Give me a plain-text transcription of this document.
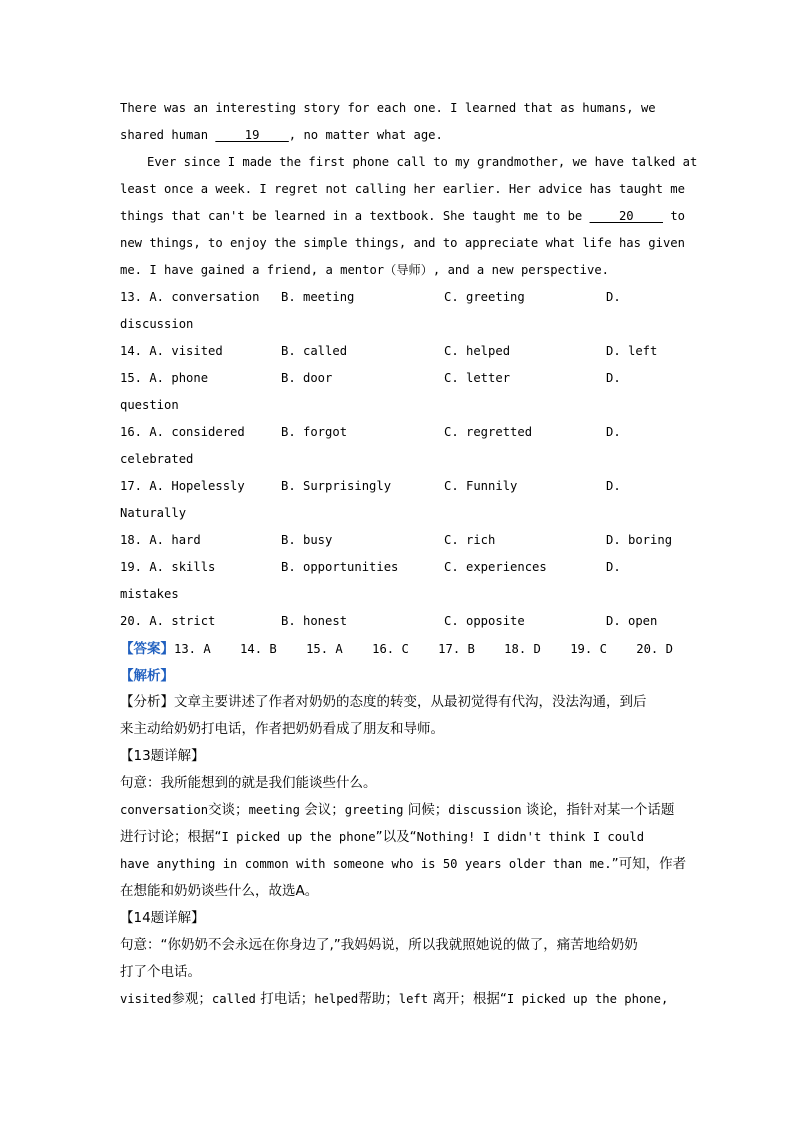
There was an interesting story for each one. I learned that as humans, we
shared human ____19____, no matter what age.
Ever since I made the first phone call to my grandmother, we have talked at
least once a week. I regret not calling her earlier. Her advice has taught me
things that can't be learned in a textbook. She taught me to be ____20____ to
new things, to enjoy the simple things, and to appreciate what life has given
me. I have gained a friend, a mentor（导师）, and a new perspective.
13. A. conversation B. meeting	C. greeting	D.
discussion
14. A. visited	B. called	C. helped	D. left
15. A. phone	B. door	C. letter	D.
question
16. A. considered	B. forgot	C. regretted	D.
celebrated
17. A. Hopelessly	B. Surprisingly	C. Funnily	D.
Naturally
18. A. hard	B. busy	C. rich	D. boring
19. A. skills	B. opportunities	C. experiences	D.
mistakes
20. A. strict	B. honest	C. opposite	D. open
【答案】13. A    14. B    15. A    16. C    17. B    18. D    19. C    20. D
【解析】
【分析】文章主要讲述了作者对奶奶的态度的转变，从最初觉得有代沟，没法沟通，到后
来主动给奶奶打电话，作者把奶奶看成了朋友和导师。
【13题详解】
句意：我所能想到的就是我们能谈些什么。
conversation交谈；meeting 会议；greeting 问候；discussion 谈论，指针对某一个话题
进行讨论；根据“I picked up the phone”以及“Nothing! I didn't think I could
have anything in common with someone who is 50 years older than me.”可知，作者
在想能和奶奶谈些什么，故选A。
【14题详解】
句意：“你奶奶不会永远在你身边了,”我妈妈说，所以我就照她说的做了，痛苦地给奶奶
打了个电话。
visited参观；called 打电话；helped帮助；left 离开；根据“I picked up the phone,
